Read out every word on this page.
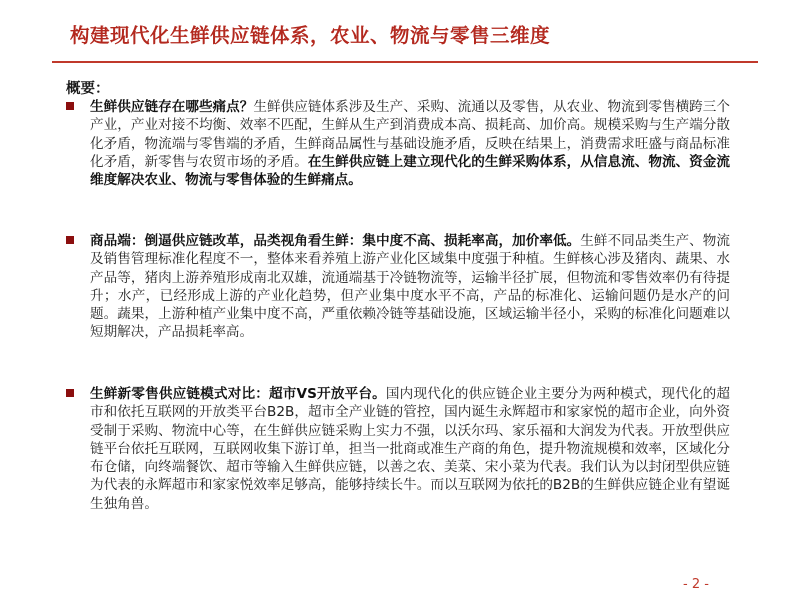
构建现代化生鲜供应链体系，农业、物流与零售三维度
概要：
生鲜供应链存在哪些痛点？生鲜供应链体系涉及生产、采购、流通以及零售，从农业、物流到零售横跨三个产业，产业对接不均衡、效率不匹配，生鲜从生产到消费成本高、损耗高、加价高。规模采购与生产端分散化矛盾，物流端与零售端的矛盾，生鲜商品属性与基础设施矛盾，反映在结果上，消费需求旺盛与商品标准化矛盾，新零售与农贸市场的矛盾。在生鲜供应链上建立现代化的生鲜采购体系，从信息流、物流、资金流维度解决农业、物流与零售体验的生鲜痛点。
商品端：倒逼供应链改革，品类视角看生鲜：集中度不高、损耗率高，加价率低。生鲜不同品类生产、物流及销售管理标准化程度不一，整体来看养殖上游产业化区域集中度强于种植。生鲜核心涉及猪肉、蔬果、水产品等，猪肉上游养殖形成南北双雄，流通端基于冷链物流等，运输半径扩展，但物流和零售效率仍有待提升；水产，已经形成上游的产业化趋势，但产业集中度水平不高，产品的标准化、运输问题仍是水产的问题。蔬果，上游种植产业集中度不高，严重依赖冷链等基础设施，区域运输半径小，采购的标准化问题难以短期解决，产品损耗率高。
生鲜新零售供应链模式对比：超市VS开放平台。国内现代化的供应链企业主要分为两种模式，现代化的超市和依托互联网的开放类平台B2B，超市全产业链的管控，国内诞生永辉超市和家家悦的超市企业，向外资受制于采购、物流中心等，在生鲜供应链采购上实力不强，以沃尔玛、家乐福和大润发为代表。开放型供应链平台依托互联网，互联网收集下游订单，担当一批商或准生产商的角色，提升物流规模和效率，区域化分布仓储，向终端餐饮、超市等输入生鲜供应链，以善之农、美菜、宋小菜为代表。我们认为以封闭型供应链为代表的永辉超市和家家悦效率足够高，能够持续长牛。而以互联网为依托的B2B的生鲜供应链企业有望诞生独角兽。
- 2 -
